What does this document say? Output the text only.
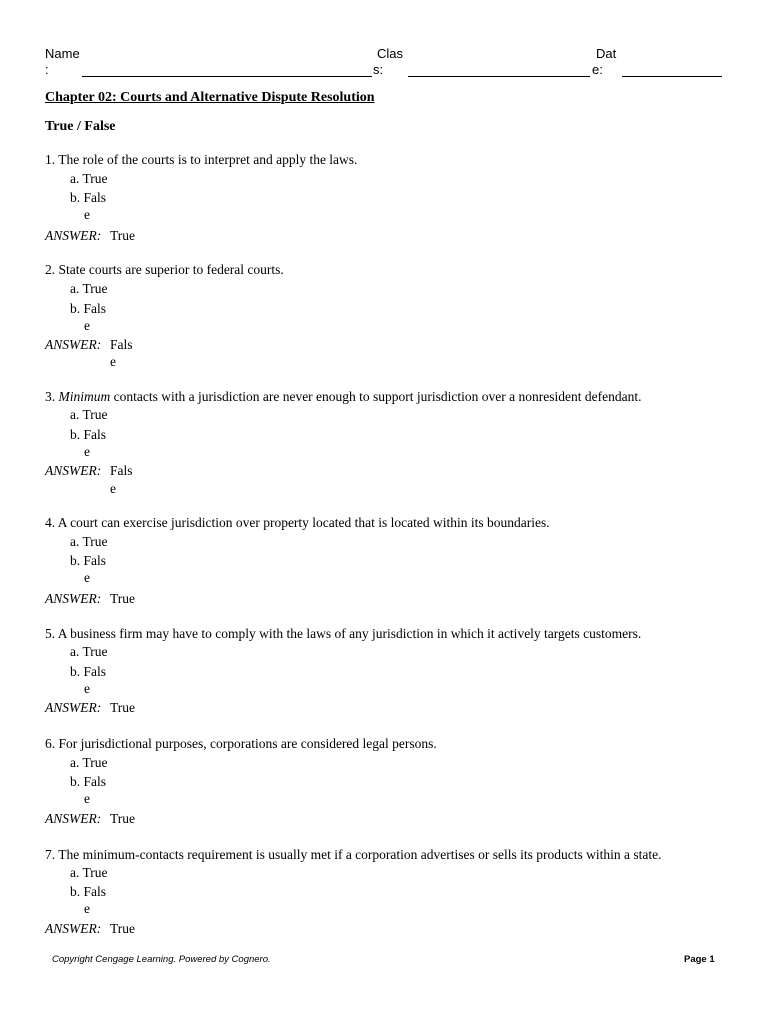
Name
:
Clas
s:
Dat
e:
Chapter 02: Courts and Alternative Dispute Resolution
True / False
1. The role of the courts is to interpret and apply the laws.
a. True
b. Fals
e
ANSWER: True
2. State courts are superior to federal courts.
a. True
b. Fals
e
ANSWER: Fals
e
3. Minimum contacts with a jurisdiction are never enough to support jurisdiction over a nonresident defendant.
a. True
b. Fals
e
ANSWER: Fals
e
4. A court can exercise jurisdiction over property located that is located within its boundaries.
a. True
b. Fals
e
ANSWER: True
5. A business firm may have to comply with the laws of any jurisdiction in which it actively targets customers.
a. True
b. Fals
e
ANSWER: True
6. For jurisdictional purposes, corporations are considered legal persons.
a. True
b. Fals
e
ANSWER: True
7. The minimum-contacts requirement is usually met if a corporation advertises or sells its products within a state.
a. True
b. Fals
e
ANSWER: True
Copyright Cengage Learning. Powered by Cognero.	Page 1
